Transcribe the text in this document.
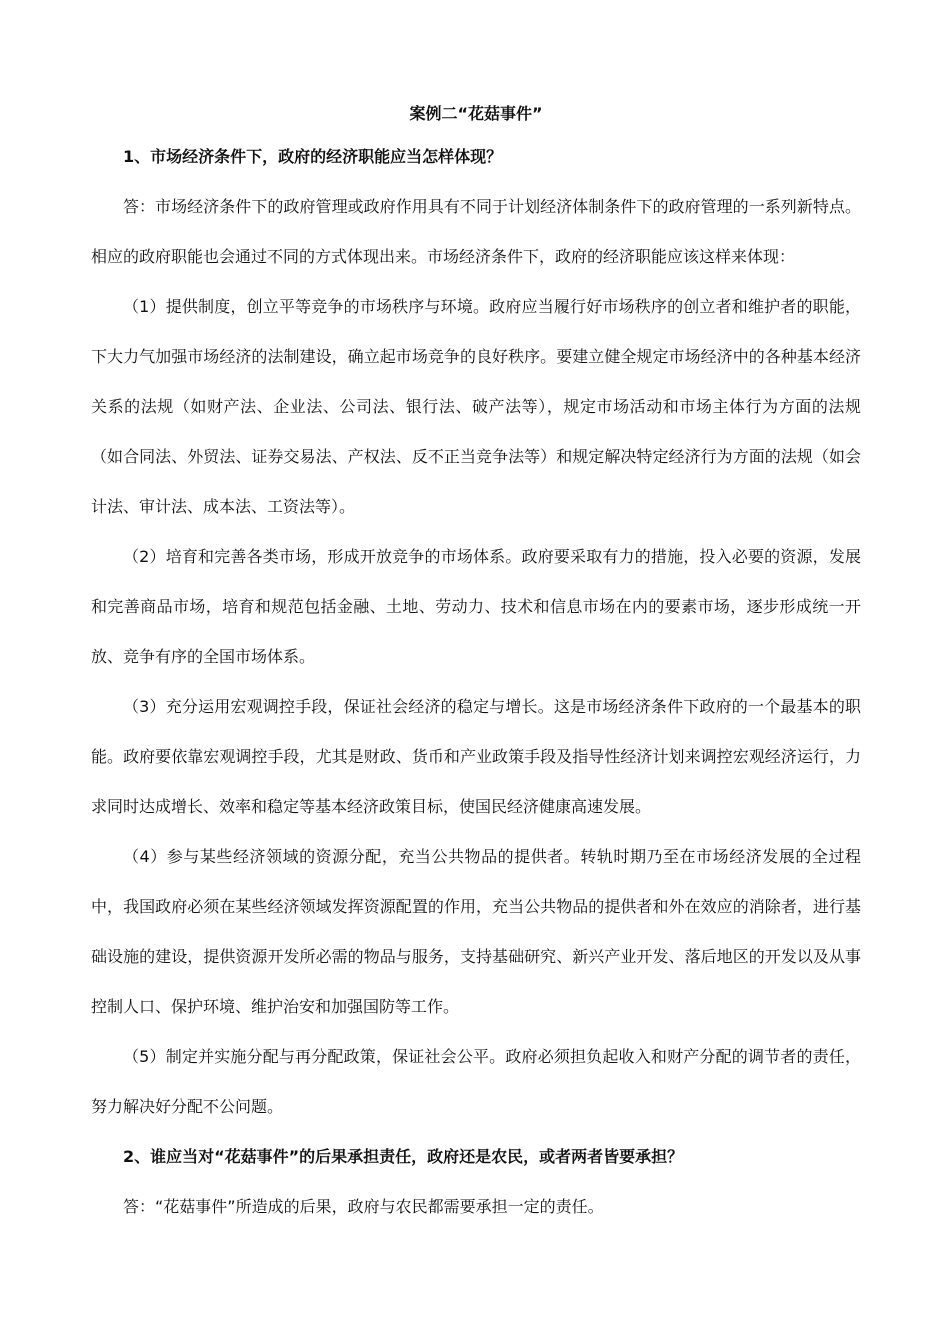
案例二“花菇事件”

1、市场经济条件下，政府的经济职能应当怎样体现？

答：市场经济条件下的政府管理或政府作用具有不同于计划经济体制条件下的政府管理的一系列新特点。相应的政府职能也会通过不同的方式体现出来。市场经济条件下，政府的经济职能应该这样来体现：

（1）提供制度，创立平等竞争的市场秩序与环境。政府应当履行好市场秩序的创立者和维护者的职能，下大力气加强市场经济的法制建设，确立起市场竞争的良好秩序。要建立健全规定市场经济中的各种基本经济关系的法规（如财产法、企业法、公司法、银行法、破产法等），规定市场活动和市场主体行为方面的法规（如合同法、外贸法、证券交易法、产权法、反不正当竞争法等）和规定解决特定经济行为方面的法规（如会计法、审计法、成本法、工资法等）。

（2）培育和完善各类市场，形成开放竞争的市场体系。政府要采取有力的措施，投入必要的资源，发展和完善商品市场，培育和规范包括金融、土地、劳动力、技术和信息市场在内的要素市场，逐步形成统一开放、竞争有序的全国市场体系。

（3）充分运用宏观调控手段，保证社会经济的稳定与增长。这是市场经济条件下政府的一个最基本的职能。政府要依靠宏观调控手段，尤其是财政、货币和产业政策手段及指导性经济计划来调控宏观经济运行，力求同时达成增长、效率和稳定等基本经济政策目标，使国民经济健康高速发展。

（4）参与某些经济领域的资源分配，充当公共物品的提供者。转轨时期乃至在市场经济发展的全过程中，我国政府必须在某些经济领域发挥资源配置的作用，充当公共物品的提供者和外在效应的消除者，进行基础设施的建设，提供资源开发所必需的物品与服务，支持基础研究、新兴产业开发、落后地区的开发以及从事控制人口、保护环境、维护治安和加强国防等工作。

（5）制定并实施分配与再分配政策，保证社会公平。政府必须担负起收入和财产分配的调节者的责任，努力解决好分配不公问题。

2、谁应当对“花菇事件”的后果承担责任，政府还是农民，或者两者皆要承担？

答：“花菇事件”所造成的后果，政府与农民都需要承担一定的责任。
